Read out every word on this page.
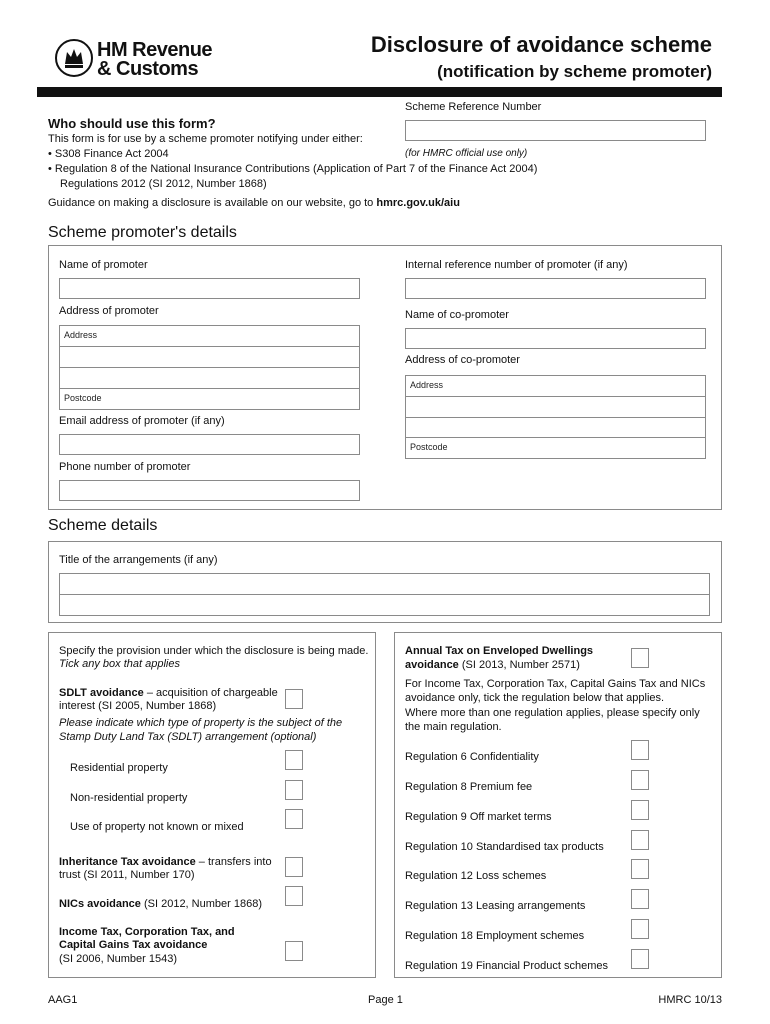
HM Revenue
& Customs
Disclosure of avoidance scheme
(notification by scheme promoter)
Who should use this form?
This form is for use by a scheme promoter notifying under either:
• S308 Finance Act 2004
• Regulation 8 of the National Insurance Contributions (Application of Part 7 of the Finance Act 2004)
Regulations 2012 (SI 2012, Number 1868)
Guidance on making a disclosure is available on our website, go to hmrc.gov.uk/aiu
Scheme Reference Number
(for HMRC official use only)
Scheme promoter's details
Name of promoter
Address of promoter
Address
Postcode
Email address of promoter (if any)
Phone number of promoter
Internal reference number of promoter (if any)
Name of co-promoter
Address of co-promoter
Address
Postcode
Scheme details
Title of the arrangements (if any)
Specify the provision under which the disclosure is being made.
Tick any box that applies
SDLT avoidance – acquisition of chargeable
interest (SI 2005, Number 1868)
Please indicate which type of property is the subject of the
Stamp Duty Land Tax (SDLT) arrangement (optional)
Residential property
Non-residential property
Use of property not known or mixed
Inheritance Tax avoidance – transfers into
trust (SI 2011, Number 170)
NICs avoidance (SI 2012, Number 1868)
Income Tax, Corporation Tax, and
Capital Gains Tax avoidance
(SI 2006, Number 1543)
Annual Tax on Enveloped Dwellings
avoidance (SI 2013, Number 2571)
For Income Tax, Corporation Tax, Capital Gains Tax and NICs
avoidance only, tick the regulation below that applies.
Where more than one regulation applies, please specify only
the main regulation.
Regulation 6 Confidentiality
Regulation 8 Premium fee
Regulation 9 Off market terms
Regulation 10 Standardised tax products
Regulation 12 Loss schemes
Regulation 13 Leasing arrangements
Regulation 18 Employment schemes
Regulation 19 Financial Product schemes
AAG1	Page 1	HMRC 10/13
